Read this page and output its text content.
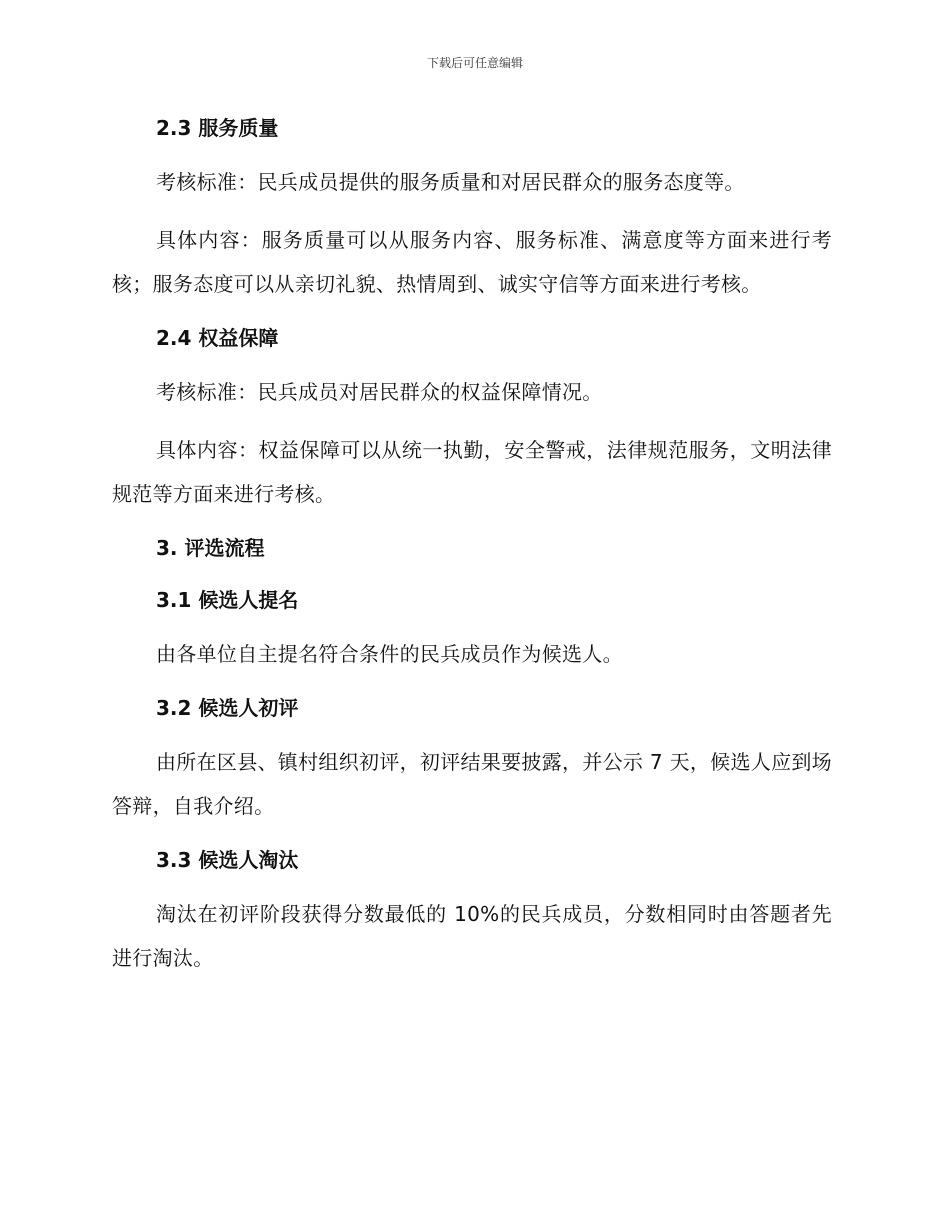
下载后可任意编辑
2.3 服务质量

考核标准：民兵成员提供的服务质量和对居民群众的服务态度等。

具体内容：服务质量可以从服务内容、服务标准、满意度等方面来进行考核；服务态度可以从亲切礼貌、热情周到、诚实守信等方面来进行考核。

2.4 权益保障

考核标准：民兵成员对居民群众的权益保障情况。

具体内容：权益保障可以从统一执勤，安全警戒，法律规范服务，文明法律规范等方面来进行考核。

3. 评选流程
3.1 候选人提名

由各单位自主提名符合条件的民兵成员作为候选人。

3.2 候选人初评

由所在区县、镇村组织初评，初评结果要披露，并公示 7 天，候选人应到场答辩，自我介绍。

3.3 候选人淘汰

淘汰在初评阶段获得分数最低的 10%的民兵成员，分数相同时由答题者先进行淘汰。
